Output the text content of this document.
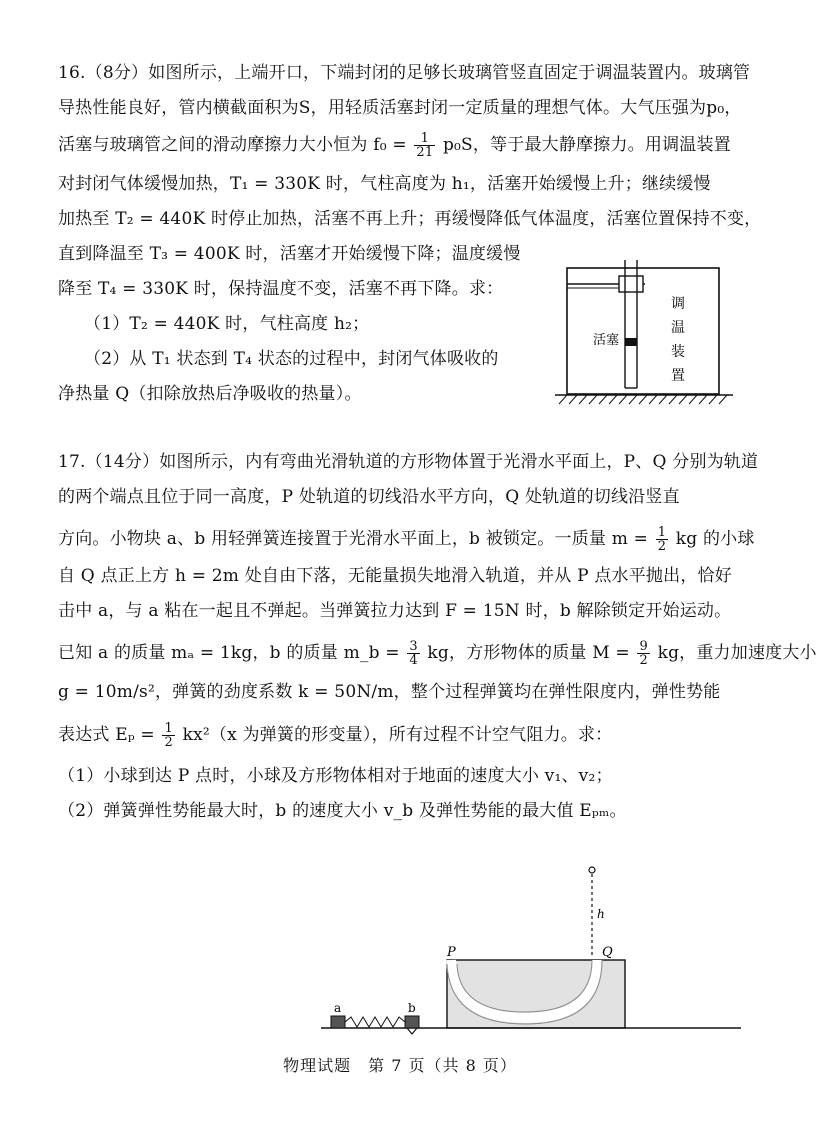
16.（8分）如图所示，上端开口，下端封闭的足够长玻璃管竖直固定于调温装置内。玻璃管
导热性能良好，管内横截面积为S，用轻质活塞封闭一定质量的理想气体。大气压强为p₀，
活塞与玻璃管之间的滑动摩擦力大小恒为 $f_0 = \frac{1}{21} p_0S$，等于最大静摩擦力。用调温装置
对封闭气体缓慢加热，T₁ = 330K 时，气柱高度为 h₁，活塞开始缓慢上升；继续缓慢
加热至 T₂ = 440K 时停止加热，活塞不再上升；再缓慢降低气体温度，活塞位置保持不变，
直到降温至 T₃ = 400K 时，活塞才开始缓慢下降；温度缓慢
降至 T₄ = 330K 时，保持温度不变，活塞不再下降。求：
（1）T₂ = 440K 时，气柱高度 h₂；
（2）从 T₁ 状态到 T₄ 状态的过程中，封闭气体吸收的
净热量 Q（扣除放热后净吸收的热量）。
活塞
调
温
装
置
17.（14分）如图所示，内有弯曲光滑轨道的方形物体置于光滑水平面上，P、Q 分别为轨道
的两个端点且位于同一高度，P 处轨道的切线沿水平方向，Q 处轨道的切线沿竖直
方向。小物块 a、b 用轻弹簧连接置于光滑水平面上，b 被锁定。一质量 $m = \frac{1}{2}$ kg 的小球
自 Q 点正上方 h = 2m 处自由下落，无能量损失地滑入轨道，并从 P 点水平抛出，恰好
击中 a，与 a 粘在一起且不弹起。当弹簧拉力达到 F = 15N 时，b 解除锁定开始运动。
已知 a 的质量 mₐ = 1kg，b 的质量 m_b = $\frac{3}{4}$ kg，方形物体的质量 $M = \frac{9}{2}$ kg，重力加速度大小
g = 10m/s²，弹簧的劲度系数 k = 50N/m，整个过程弹簧均在弹性限度内，弹性势能
表达式 $E_p = \frac{1}{2} kx^2(x$ 为弹簧的形变量），所有过程不计空气阻力。求：
（1）小球到达 P 点时，小球及方形物体相对于地面的速度大小 v₁、v₂；
（2）弹簧弹性势能最大时，b 的速度大小 v_b 及弹性势能的最大值 Eₚₘ。
h
P	Q
a	b
物理试题　第 7 页（共 8 页）
